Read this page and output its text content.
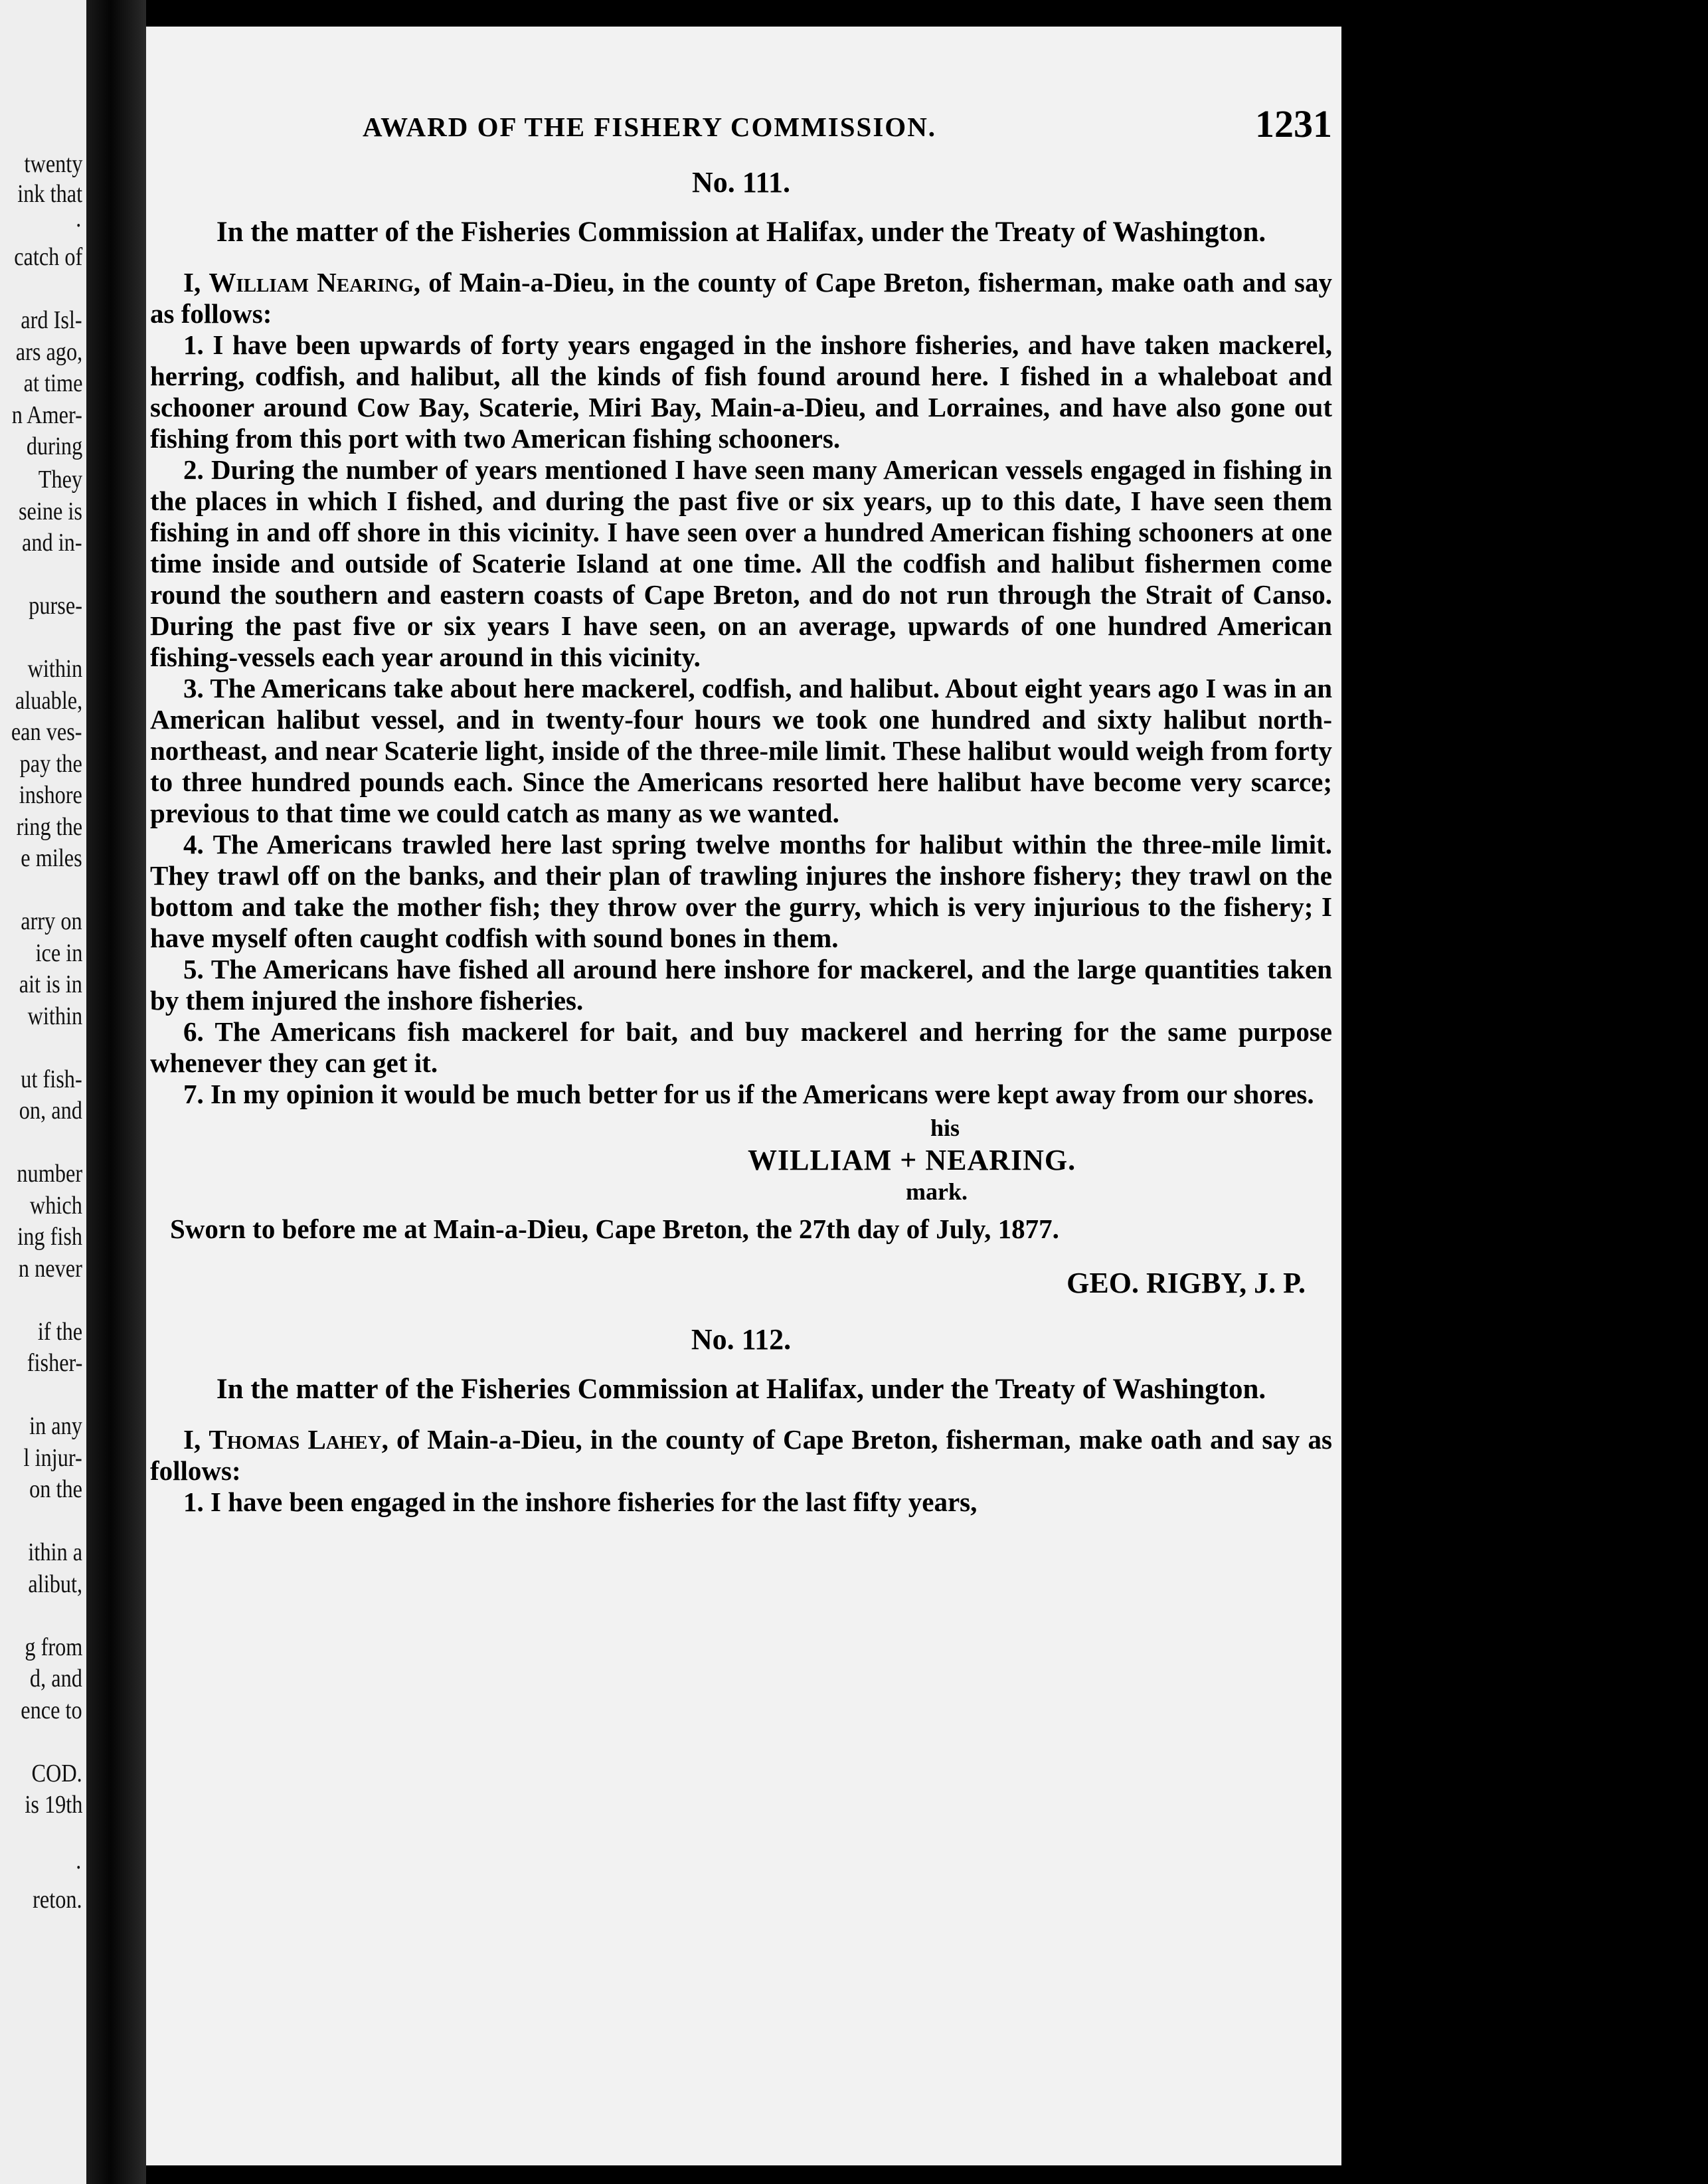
twenty
ink that
·
catch of
ard Isl-
ars ago,
at time
n Amer-
during
They
seine is
and in-
purse-
within
aluable,
ean ves-
pay the
inshore
ring the
e miles
arry on
ice in
ait is in
within
ut fish-
on, and
number
which
ing fish
n never
if the
fisher-
in any
l injur-
on the
ithin a
alibut,
g from
d, and
ence to
COD.
is 19th
·
reton.
AWARD OF THE FISHERY COMMISSION.	1231
No. 111.
In the matter of the Fisheries Commission at Halifax, under the Treaty of Washington.

I, William Nearing, of Main-a-Dieu, in the county of Cape Breton, fisherman, make oath and say as follows:

1. I have been upwards of forty years engaged in the inshore fisheries, and have taken mackerel, herring, codfish, and halibut, all the kinds of fish found around here. I fished in a whaleboat and schooner around Cow Bay, Scaterie, Miri Bay, Main-a-Dieu, and Lorraines, and have also gone out fishing from this port with two American fishing schooners.

2. During the number of years mentioned I have seen many American vessels engaged in fishing in the places in which I fished, and during the past five or six years, up to this date, I have seen them fishing in and off shore in this vicinity. I have seen over a hundred American fishing schooners at one time inside and outside of Scaterie Island at one time. All the codfish and halibut fishermen come round the southern and eastern coasts of Cape Breton, and do not run through the Strait of Canso. During the past five or six years I have seen, on an average, upwards of one hundred American fishing-vessels each year around in this vicinity.

3. The Americans take about here mackerel, codfish, and halibut. About eight years ago I was in an American halibut vessel, and in twenty-four hours we took one hundred and sixty halibut north-northeast, and near Scaterie light, inside of the three-mile limit. These halibut would weigh from forty to three hundred pounds each. Since the Americans resorted here halibut have become very scarce; previous to that time we could catch as many as we wanted.

4. The Americans trawled here last spring twelve months for halibut within the three-mile limit. They trawl off on the banks, and their plan of trawling injures the inshore fishery; they trawl on the bottom and take the mother fish; they throw over the gurry, which is very injurious to the fishery; I have myself often caught codfish with sound bones in them.

5. The Americans have fished all around here inshore for mackerel, and the large quantities taken by them injured the inshore fisheries.

6. The Americans fish mackerel for bait, and buy mackerel and herring for the same purpose whenever they can get it.

7. In my opinion it would be much better for us if the Americans were kept away from our shores.

his
WILLIAM + NEARING.
mark.

Sworn to before me at Main-a-Dieu, Cape Breton, the 27th day of July, 1877.

GEO. RIGBY, J. P.
No. 112.
In the matter of the Fisheries Commission at Halifax, under the Treaty of Washington.

I, Thomas Lahey, of Main-a-Dieu, in the county of Cape Breton, fisherman, make oath and say as follows:

1. I have been engaged in the inshore fisheries for the last fifty years,
